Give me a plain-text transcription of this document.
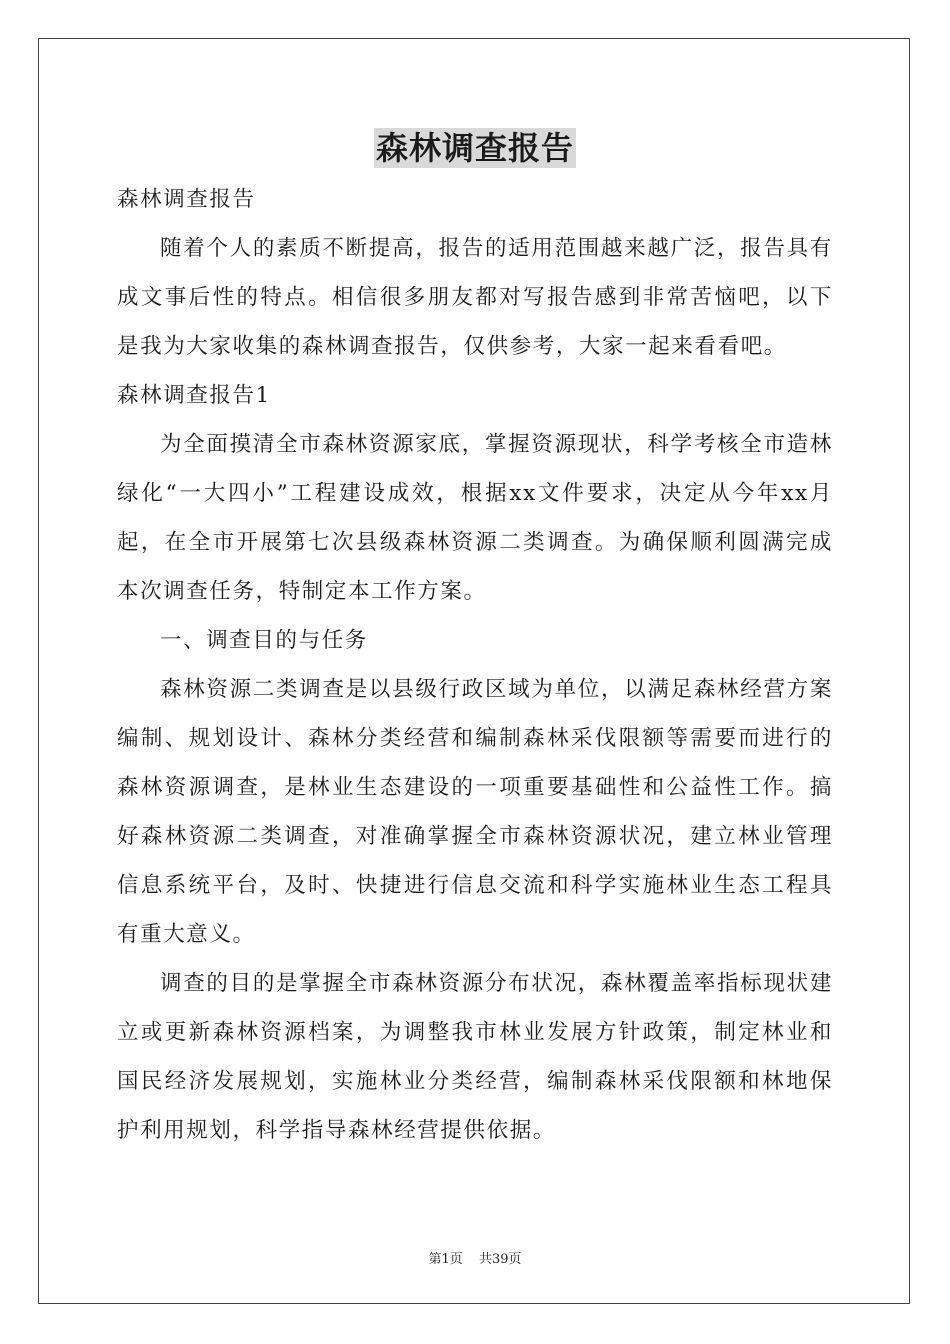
森林调查报告

森林调查报告

随着个人的素质不断提高，报告的适用范围越来越广泛，报告具有成文事后性的特点。相信很多朋友都对写报告感到非常苦恼吧，以下是我为大家收集的森林调查报告，仅供参考，大家一起来看看吧。

森林调查报告1

为全面摸清全市森林资源家底，掌握资源现状，科学考核全市造林绿化“一大四小”工程建设成效，根据xx文件要求，决定从今年xx月起，在全市开展第七次县级森林资源二类调查。为确保顺利圆满完成本次调查任务，特制定本工作方案。

一、调查目的与任务

森林资源二类调查是以县级行政区域为单位，以满足森林经营方案编制、规划设计、森林分类经营和编制森林采伐限额等需要而进行的森林资源调查，是林业生态建设的一项重要基础性和公益性工作。搞好森林资源二类调查，对准确掌握全市森林资源状况，建立林业管理信息系统平台，及时、快捷进行信息交流和科学实施林业生态工程具有重大意义。

调查的目的是掌握全市森林资源分布状况，森林覆盖率指标现状建立或更新森林资源档案，为调整我市林业发展方针政策，制定林业和国民经济发展规划，实施林业分类经营，编制森林采伐限额和林地保护利用规划，科学指导森林经营提供依据。

第1页 共39页
